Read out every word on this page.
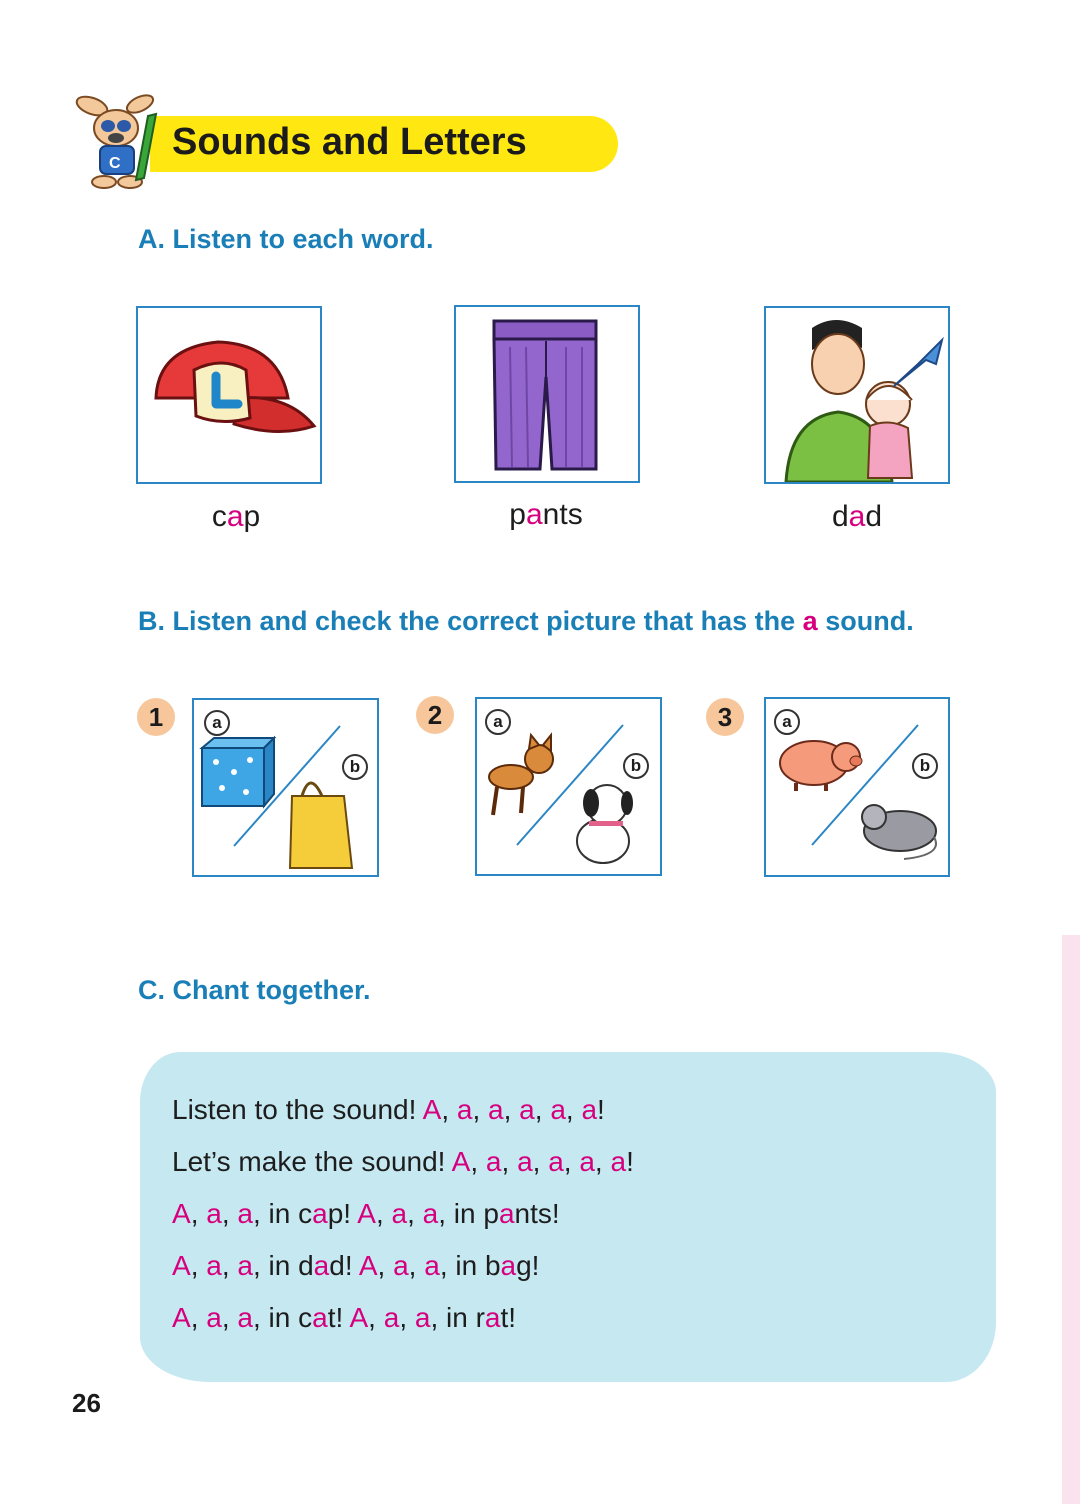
C
Sounds and Letters
A. Listen to each word.
cap	pants	dad
B. Listen and check the correct picture that has the a sound.
1	a
b
2	a
b
3	a
b
C. Chant together.
Listen to the sound! A, a, a, a, a, a!
Let’s make the sound! A, a, a, a, a, a!
A, a, a, in cap! A, a, a, in pants!
A, a, a, in dad! A, a, a, in bag!
A, a, a, in cat! A, a, a, in rat!
26
